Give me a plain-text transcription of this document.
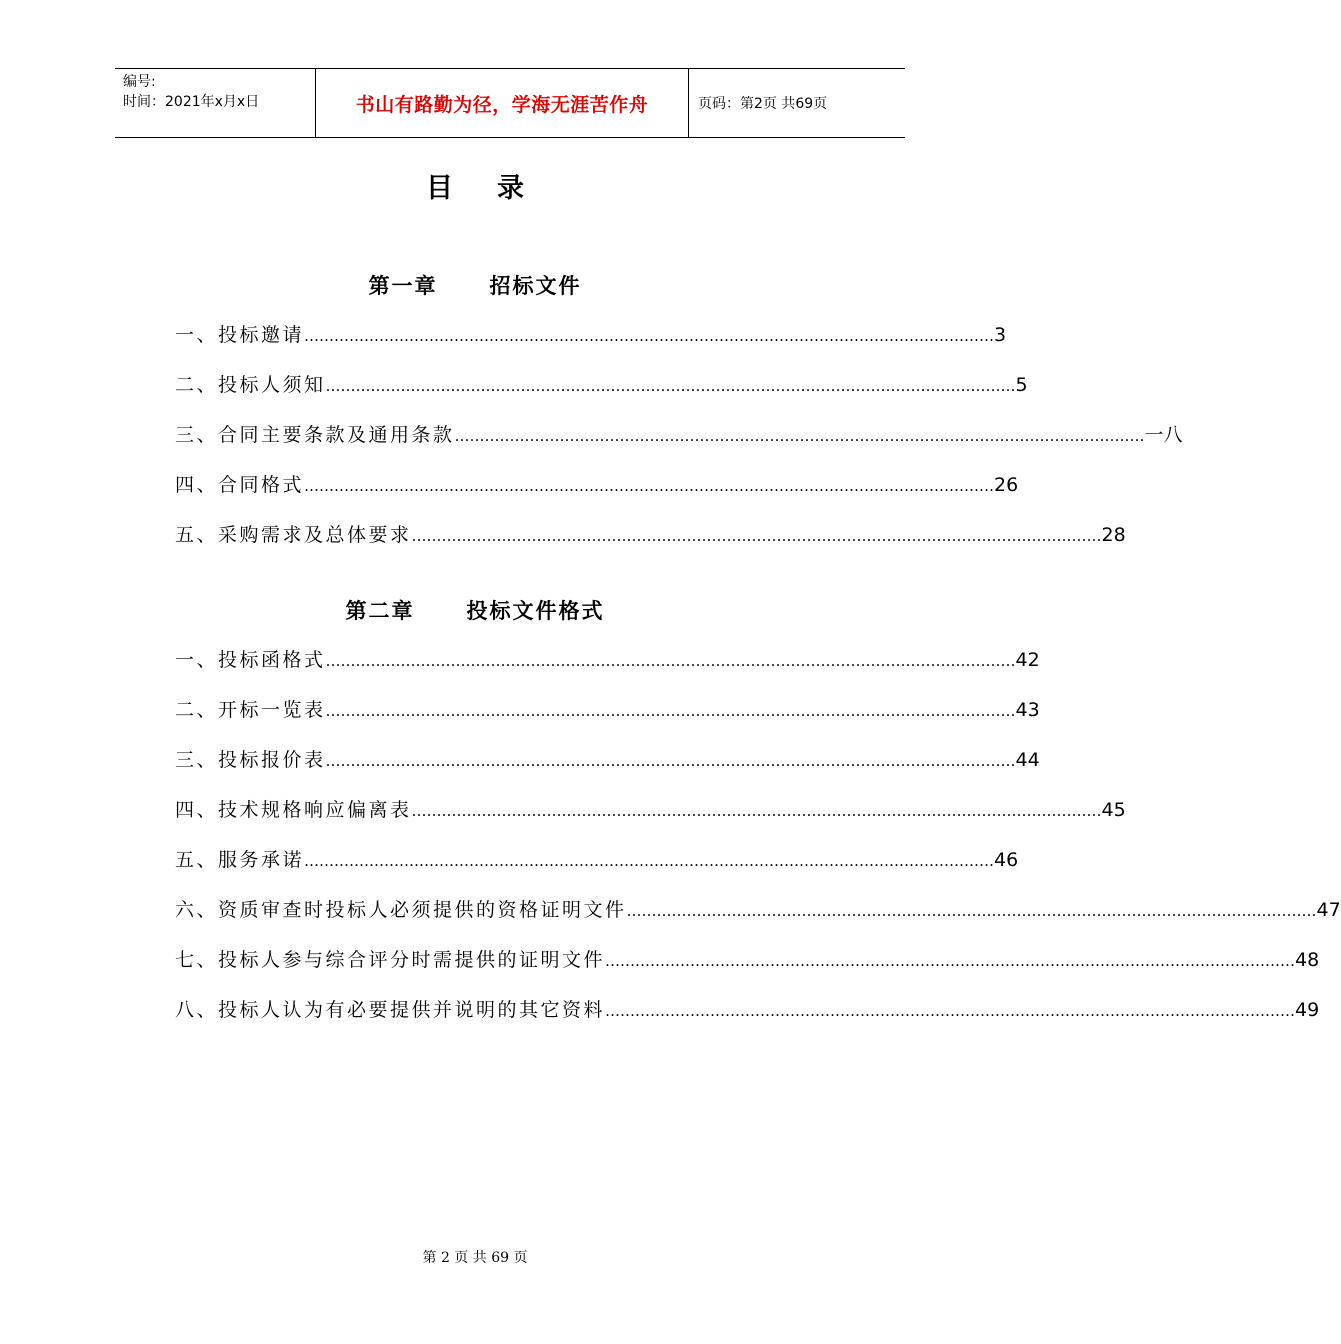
编号:
时间：2021年x月x日	书山有路勤为径，学海无涯苦作舟	页码：第2页 共69页
目录
第一章 招标文件
一、投标邀请 ………………………………………………………………………………………………………………………… 3
二、投标人须知 ………………………………………………………………………………………………………………………… 5
三、合同主要条款及通用条款 ………………………………………………………………………………………………………………………… 一八
四、合同格式 ………………………………………………………………………………………………………………………… 26
五、采购需求及总体要求 ………………………………………………………………………………………………………………………… 28
第二章 投标文件格式
一、投标函格式 ………………………………………………………………………………………………………………………… 42
二、开标一览表 ………………………………………………………………………………………………………………………… 43
三、投标报价表 ………………………………………………………………………………………………………………………… 44
四、技术规格响应偏离表 ………………………………………………………………………………………………………………………… 45
五、服务承诺 ………………………………………………………………………………………………………………………… 46
六、资质审查时投标人必须提供的资格证明文件 ………………………………………………………………………………………………………………………… 47
七、投标人参与综合评分时需提供的证明文件 ………………………………………………………………………………………………………………………… 48
八、投标人认为有必要提供并说明的其它资料 ………………………………………………………………………………………………………………………… 49
第 2 页 共 69 页
